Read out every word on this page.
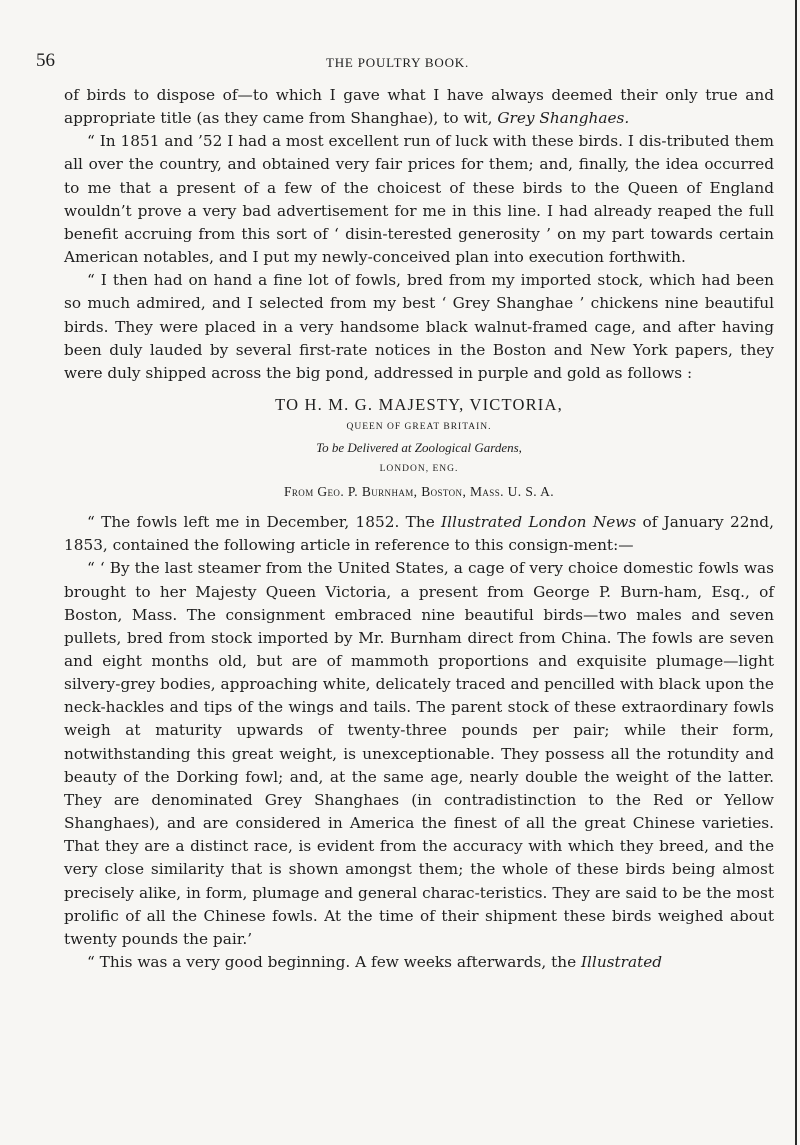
56	THE POULTRY BOOK.

of birds to dispose of—to which I gave what I have always deemed their only true and appropriate title (as they came from Shanghae), to wit, Grey Shanghaes.

“ In 1851 and ’52 I had a most excellent run of luck with these birds. I dis-tributed them all over the country, and obtained very fair prices for them; and, finally, the idea occurred to me that a present of a few of the choicest of these birds to the Queen of England wouldn’t prove a very bad advertisement for me in this line. I had already reaped the full benefit accruing from this sort of ‘ disin-terested generosity ’ on my part towards certain American notables, and I put my newly-conceived plan into execution forthwith.

“ I then had on hand a fine lot of fowls, bred from my imported stock, which had been so much admired, and I selected from my best ‘ Grey Shanghae ’ chickens nine beautiful birds. They were placed in a very handsome black walnut-framed cage, and after having been duly lauded by several first-rate notices in the Boston and New York papers, they were duly shipped across the big pond, addressed in purple and gold as follows :

TO H. M. G. MAJESTY, VICTORIA,
QUEEN OF GREAT BRITAIN.
To be Delivered at Zoological Gardens,
LONDON, ENG.
From Geo. P. Burnham, Boston, Mass. U. S. A.

“ The fowls left me in December, 1852. The Illustrated London News of January 22nd, 1853, contained the following article in reference to this consign-ment:—

“ ‘ By the last steamer from the United States, a cage of very choice domestic fowls was brought to her Majesty Queen Victoria, a present from George P. Burn-ham, Esq., of Boston, Mass. The consignment embraced nine beautiful birds—two males and seven pullets, bred from stock imported by Mr. Burnham direct from China. The fowls are seven and eight months old, but are of mammoth proportions and exquisite plumage—light silvery-grey bodies, approaching white, delicately traced and pencilled with black upon the neck-hackles and tips of the wings and tails. The parent stock of these extraordinary fowls weigh at maturity upwards of twenty-three pounds per pair; while their form, notwithstanding this great weight, is unexceptionable. They possess all the rotundity and beauty of the Dorking fowl; and, at the same age, nearly double the weight of the latter. They are denominated Grey Shanghaes (in contradistinction to the Red or Yellow Shanghaes), and are considered in America the finest of all the great Chinese varieties. That they are a distinct race, is evident from the accuracy with which they breed, and the very close similarity that is shown amongst them; the whole of these birds being almost precisely alike, in form, plumage and general charac-teristics. They are said to be the most prolific of all the Chinese fowls. At the time of their shipment these birds weighed about twenty pounds the pair.’

“ This was a very good beginning. A few weeks afterwards, the Illustrated
